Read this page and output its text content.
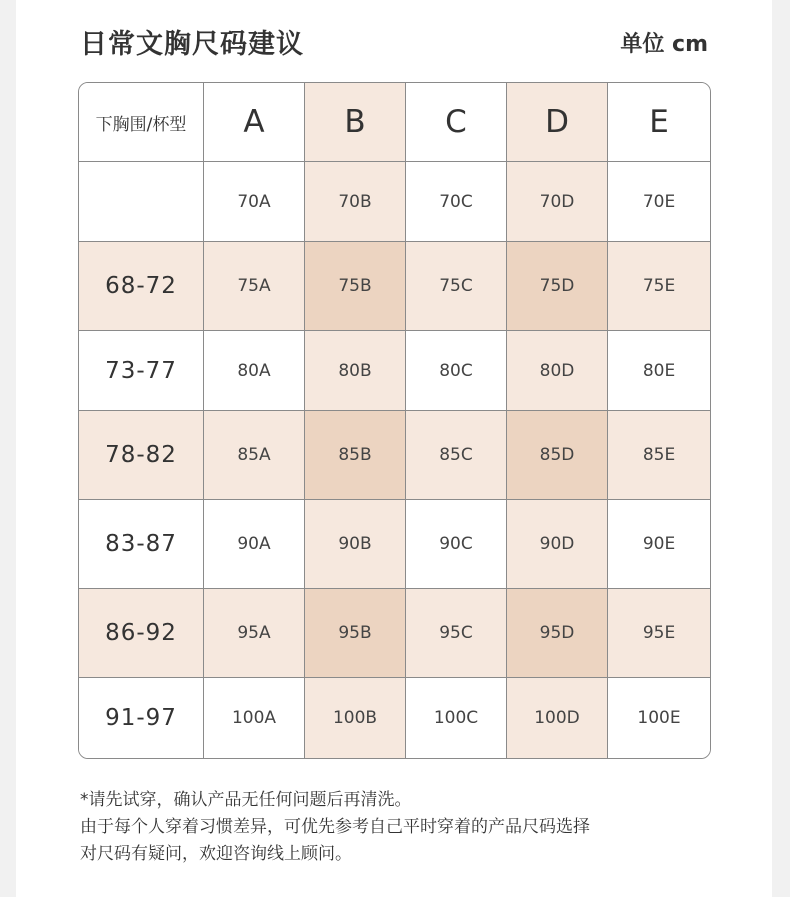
日常文胸尺码建议	单位 cm
下胸围/杯型	A	B	C	D	E
	70A	70B	70C	70D	70E
68-72	75A	75B	75C	75D	75E
73-77	80A	80B	80C	80D	80E
78-82	85A	85B	85C	85D	85E
83-87	90A	90B	90C	90D	90E
86-92	95A	95B	95C	95D	95E
91-97	100A	100B	100C	100D	100E
*请先试穿，确认产品无任何问题后再清洗。
由于每个人穿着习惯差异，可优先参考自己平时穿着的产品尺码选择
对尺码有疑问，欢迎咨询线上顾问。
